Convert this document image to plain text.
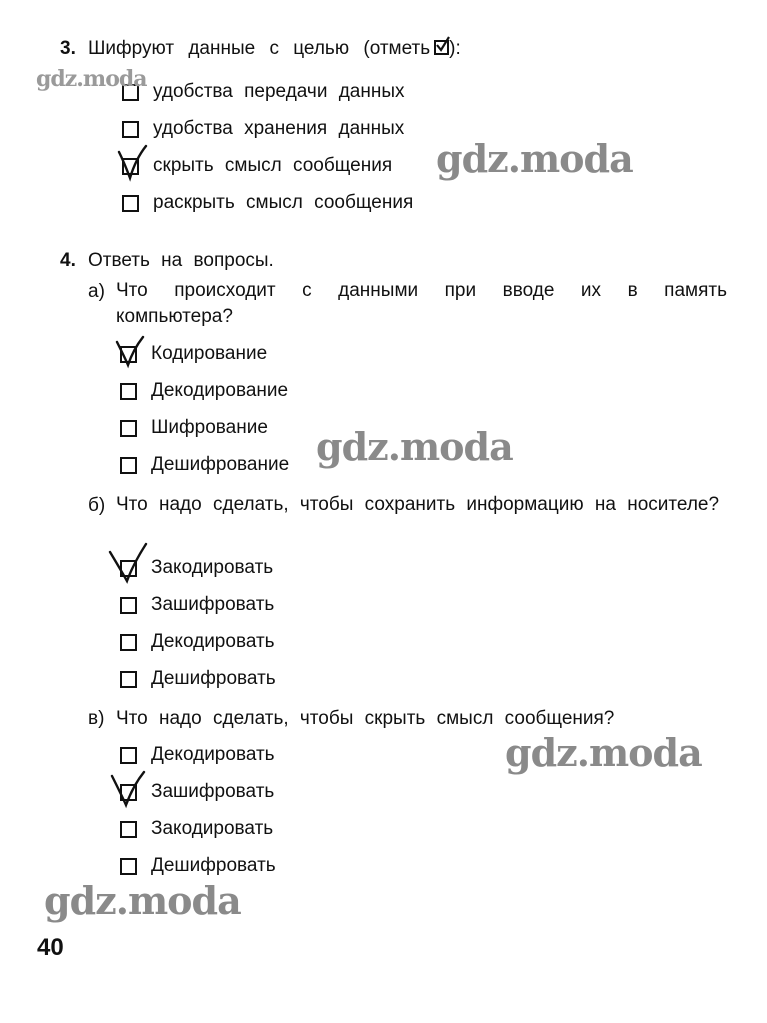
3. Шифруют данные с целью (отметь ):
удобства передачи данных
удобства хранения данных
скрыть смысл сообщения
раскрыть смысл сообщения
4. Ответь на вопросы.
а) Что происходит с данными при вводе их в память компьютера?
Кодирование
Декодирование
Шифрование
Дешифрование
б) Что надо сделать, чтобы сохранить информацию на носителе?
Закодировать
Зашифровать
Декодировать
Дешифровать
в) Что надо сделать, чтобы скрыть смысл сообщения?
Декодировать
Зашифровать
Закодировать
Дешифровать
gdz.moda
gdz.moda
gdz.moda
gdz.moda
gdz.moda
40
